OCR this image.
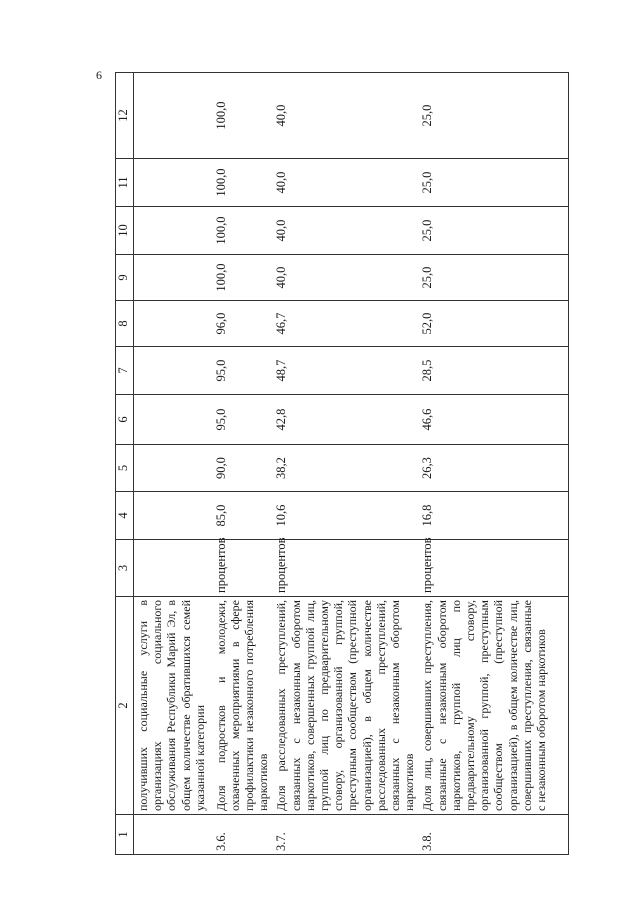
6
1	2	3	4	5	6	7	8	9	10	11	12
	получивших социальные услуги в организациях социального обслуживания Республики Марий Эл, в общем количестве обратившихся семей указанной категории										
3.6.	Доля подростков и молодежи, охваченных мероприятиями в сфере профилактики незаконного потребления наркотиков	процентов	85,0	90,0	95,0	95,0	96,0	100,0	100,0	100,0	100,0
3.7.	Доля расследованных преступлений, связанных с незаконным оборотом наркотиков, совершенных группой лиц, группой лиц по предварительному сговору, организованной группой, преступным сообществом (преступной организацией), в общем количестве расследованных преступлений, связанных с незаконным оборотом наркотиков	процентов	10,6	38,2	42,8	48,7	46,7	40,0	40,0	40,0	40,0
3.8.	Доля лиц, совершивших преступления, связанные с незаконным оборотом наркотиков, группой лиц по предварительному сговору, организованной группой, преступным сообществом (преступной организацией), в общем количестве лиц, совершивших преступления, связанные с незаконным оборотом наркотиков	процентов	16,8	26,3	46,6	28,5	52,0	25,0	25,0	25,0	25,0
